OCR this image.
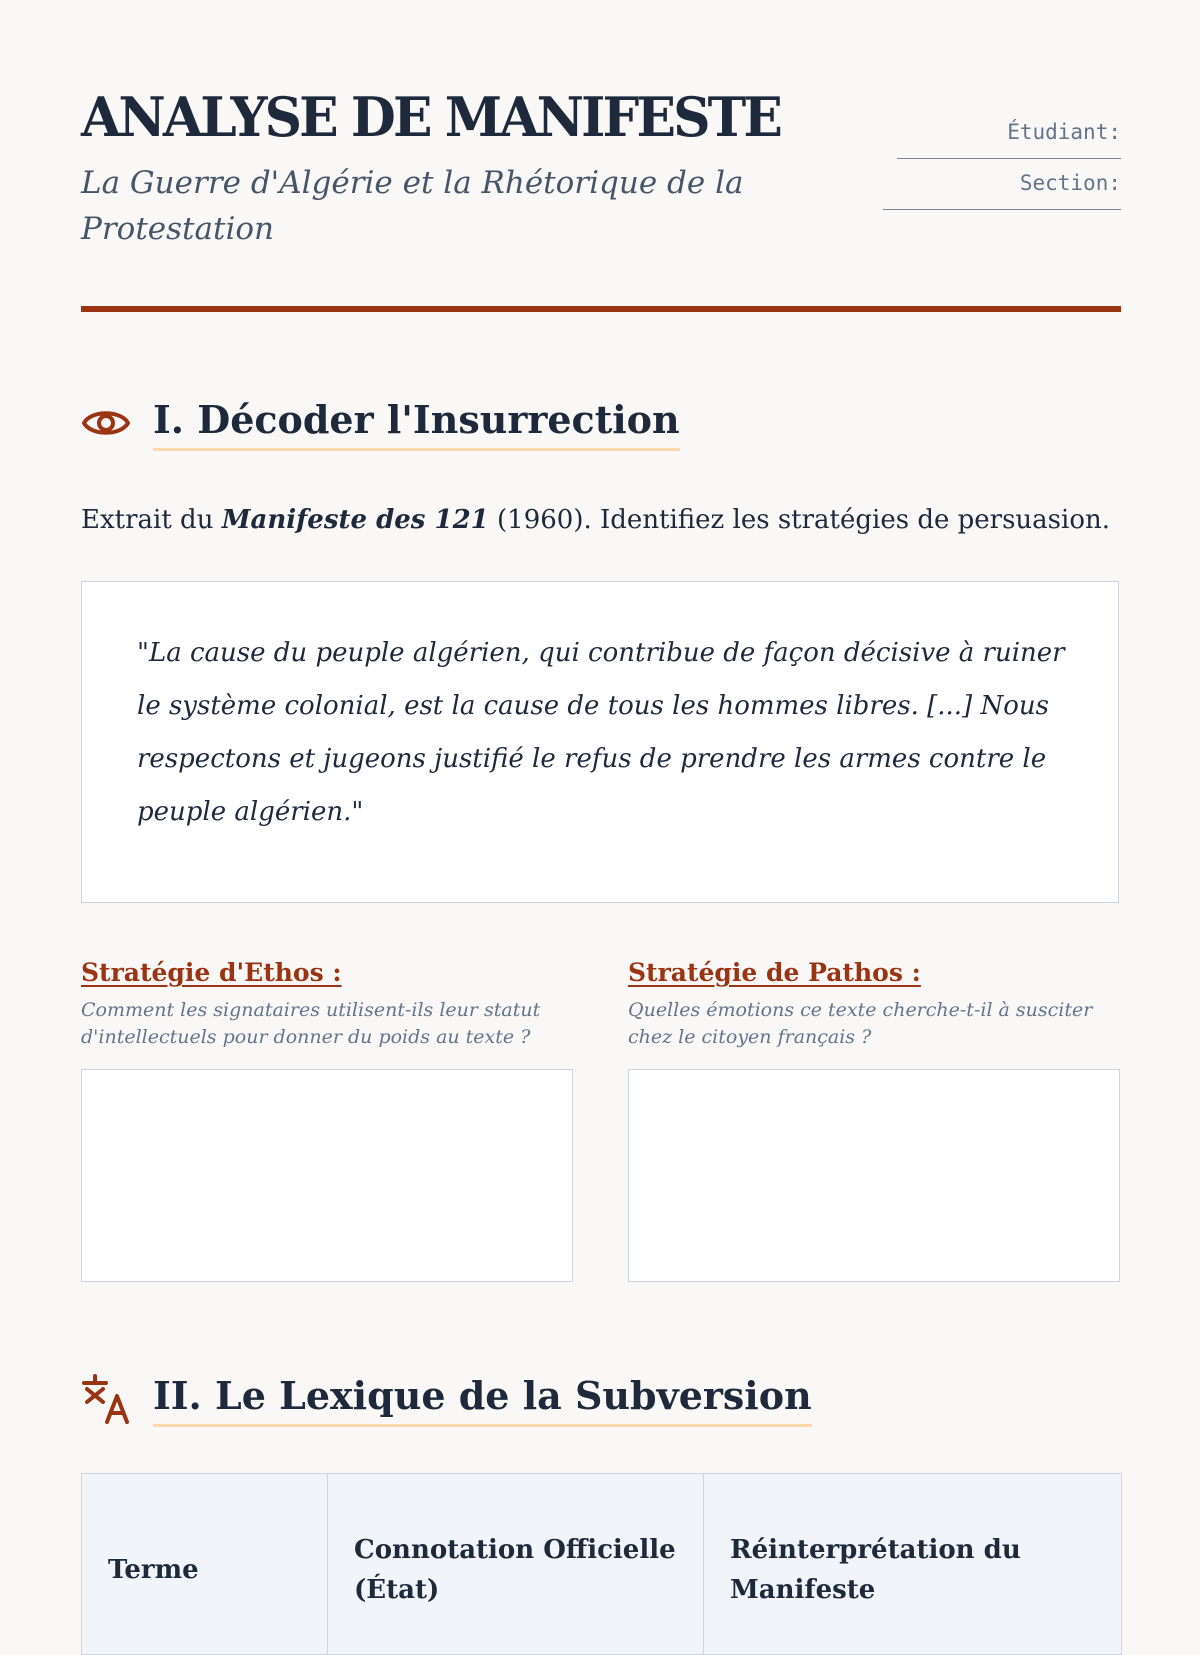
ANALYSE DE MANIFESTE

La Guerre d'Algérie et la Rhétorique de la Protestation

Étudiant:
Section:
I. Décoder l'Insurrection

Extrait du Manifeste des 121 (1960). Identifiez les stratégies de persuasion.

"La cause du peuple algérien, qui contribue de façon décisive à ruiner le système colonial, est la cause de tous les hommes libres. [...] Nous respectons et jugeons justifié le refus de prendre les armes contre le peuple algérien."

Stratégie d'Ethos :

Comment les signataires utilisent-ils leur statut d'intellectuels pour donner du poids au texte ?

Stratégie de Pathos :

Quelles émotions ce texte cherche-t-il à susciter chez le citoyen français ?

II. Le Lexique de la Subversion
Terme	Connotation Officielle (État)	Réinterprétation du Manifeste
